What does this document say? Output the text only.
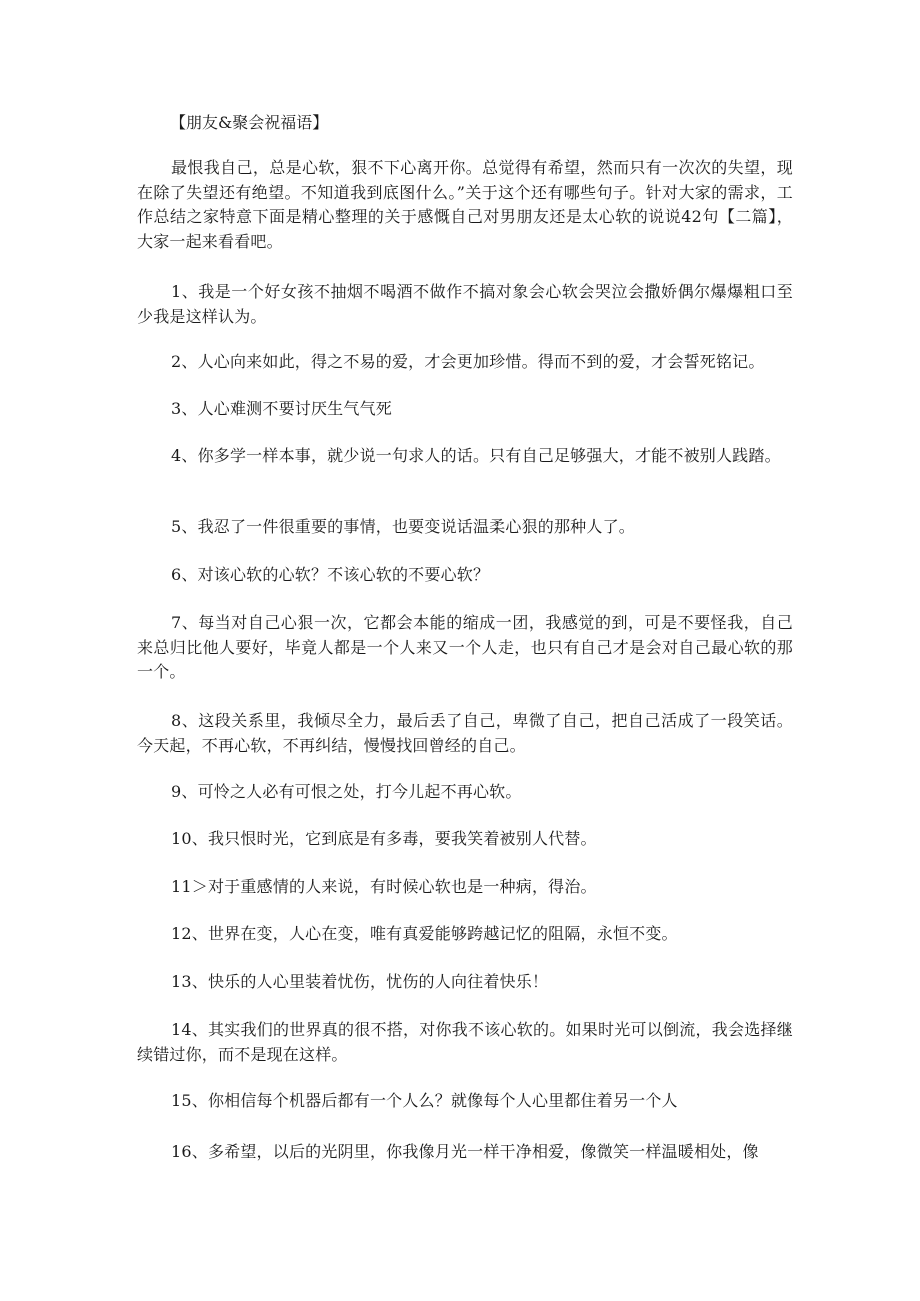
【朋友&聚会祝福语】

最恨我自己，总是心软，狠不下心离开你。总觉得有希望，然而只有一次次的失望，现在除了失望还有绝望。不知道我到底图什么。”关于这个还有哪些句子。针对大家的需求，工作总结之家特意下面是精心整理的关于感慨自己对男朋友还是太心软的说说42句【二篇】，大家一起来看看吧。

1、我是一个好女孩不抽烟不喝酒不做作不搞对象会心软会哭泣会撒娇偶尔爆爆粗口至少我是这样认为。

2、人心向来如此，得之不易的爱，才会更加珍惜。得而不到的爱，才会誓死铭记。

3、人心难测不要讨厌生气气死

4、你多学一样本事，就少说一句求人的话。只有自己足够强大，才能不被别人践踏。

5、我忍了一件很重要的事情，也要变说话温柔心狠的那种人了。

6、对该心软的心软？不该心软的不要心软？

7、每当对自己心狠一次，它都会本能的缩成一团，我感觉的到，可是不要怪我，自己来总归比他人要好，毕竟人都是一个人来又一个人走，也只有自己才是会对自己最心软的那一个。

8、这段关系里，我倾尽全力，最后丢了自己，卑微了自己，把自己活成了一段笑话。今天起，不再心软，不再纠结，慢慢找回曾经的自己。

9、可怜之人必有可恨之处，打今儿起不再心软。

10、我只恨时光，它到底是有多毒，要我笑着被别人代替。

11＞对于重感情的人来说，有时候心软也是一种病，得治。

12、世界在变，人心在变，唯有真爱能够跨越记忆的阻隔，永恒不变。

13、快乐的人心里装着忧伤，忧伤的人向往着快乐！

14、其实我们的世界真的很不搭，对你我不该心软的。如果时光可以倒流，我会选择继续错过你，而不是现在这样。

15、你相信每个机器后都有一个人么？就像每个人心里都住着另一个人

16、多希望，以后的光阴里，你我像月光一样干净相爱，像微笑一样温暖相处，像
